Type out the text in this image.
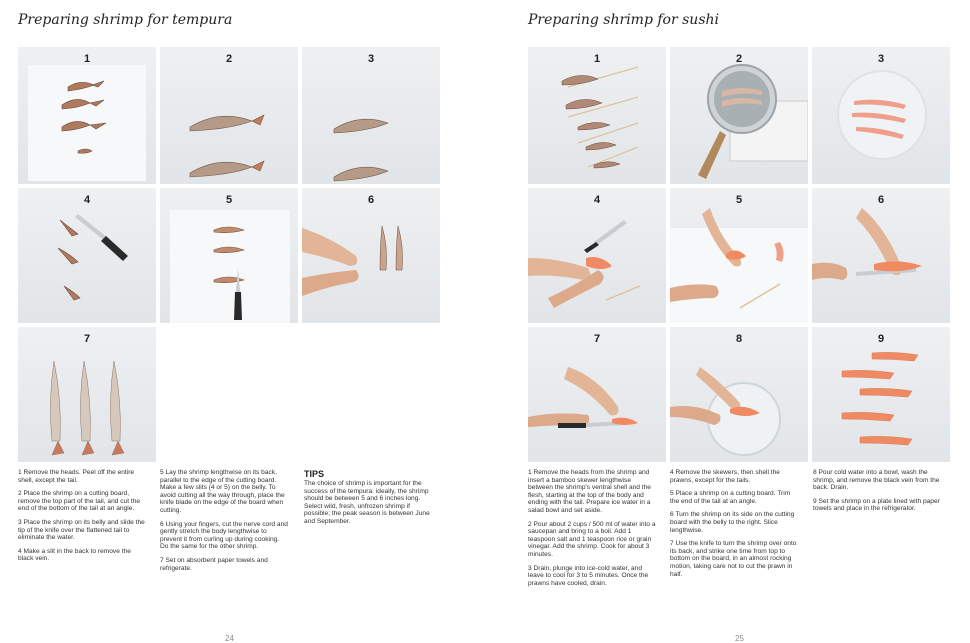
Preparing shrimp for tempura
1	2	3
4	5	6
7

1 Remove the heads. Peel off the entire shell, except the tail.

2 Place the shrimp on a cutting board, remove the top part of the tail, and cut the end of the bottom of the tail at an angle.

3 Place the shrimp on its belly and slide the tip of the knife over the flattened tail to eliminate the water.

4 Make a slit in the back to remove the black vein.

5 Lay the shrimp lengthwise on its back, parallel to the edge of the cutting board. Make a few slits (4 or 5) on the belly. To avoid cutting all the way through, place the knife blade on the edge of the board when cutting.

6 Using your fingers, cut the nerve cord and gently stretch the body lengthwise to prevent it from curling up during cooking. Do the same for the other shrimp.

7 Set on absorbent paper towels and refrigerate.

TIPS

The choice of shrimp is important for the success of the tempura: ideally, the shrimp should be between 5 and 6 inches long. Select wild, fresh, unfrozen shrimp if possible; the peak season is between June and September.

24
Preparing shrimp for sushi
1	2	3
4	5	6
7	8	9

1 Remove the heads from the shrimp and insert a bamboo skewer lengthwise between the shrimp's ventral shell and the flesh, starting at the top of the body and ending with the tail. Prepare ice water in a salad bowl and set aside.

2 Pour about 2 cups / 500 ml of water into a saucepan and bring to a boil. Add 1 teaspoon salt and 1 teaspoon rice or grain vinegar. Add the shrimp. Cook for about 3 minutes.

3 Drain, plunge into ice-cold water, and leave to cool for 3 to 5 minutes. Once the prawns have cooled, drain.

4 Remove the skewers, then shell the prawns, except for the tails.

5 Place a shrimp on a cutting board. Trim the end of the tail at an angle.

6 Turn the shrimp on its side on the cutting board with the belly to the right. Slice lengthwise.

7 Use the knife to turn the shrimp over onto its back, and strike one time from top to bottom on the board, in an almost rocking motion, taking care not to cut the prawn in half.

8 Pour cold water into a bowl, wash the shrimp, and remove the black vein from the back. Drain.

9 Set the shrimp on a plate lined with paper towels and place in the refrigerator.

25
